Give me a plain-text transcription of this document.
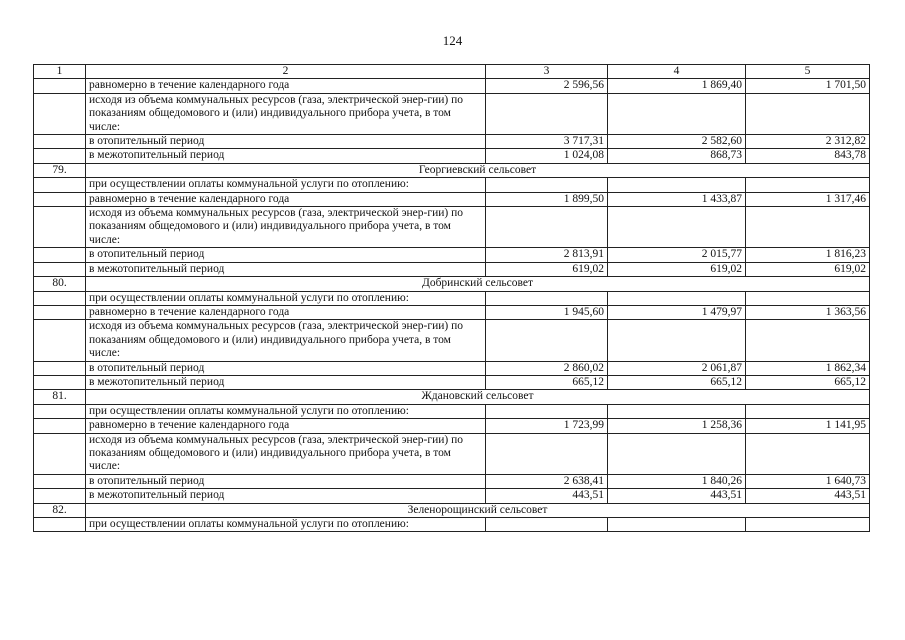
124
1	2	3	4	5
	равномерно в течение календарного года	2 596,56	1 869,40	1 701,50
	исходя из объема коммунальных ресурсов (газа, электрической энер-гии) по показаниям общедомового и (или) индивидуального прибора учета, в том числе:			
	в отопительный период	3 717,31	2 582,60	2 312,82
	в межотопительный период	1 024,08	868,73	843,78
79.	Георгиевский сельсовет			
	при осуществлении оплаты коммунальной услуги по отоплению:			
	равномерно в течение календарного года	1 899,50	1 433,87	1 317,46
	исходя из объема коммунальных ресурсов (газа, электрической энер-гии) по показаниям общедомового и (или) индивидуального прибора учета, в том числе:			
	в отопительный период	2 813,91	2 015,77	1 816,23
	в межотопительный период	619,02	619,02	619,02
80.	Добринский сельсовет			
	при осуществлении оплаты коммунальной услуги по отоплению:			
	равномерно в течение календарного года	1 945,60	1 479,97	1 363,56
	исходя из объема коммунальных ресурсов (газа, электрической энер-гии) по показаниям общедомового и (или) индивидуального прибора учета, в том числе:			
	в отопительный период	2 860,02	2 061,87	1 862,34
	в межотопительный период	665,12	665,12	665,12
81.	Ждановский сельсовет			
	при осуществлении оплаты коммунальной услуги по отоплению:			
	равномерно в течение календарного года	1 723,99	1 258,36	1 141,95
	исходя из объема коммунальных ресурсов (газа, электрической энер-гии) по показаниям общедомового и (или) индивидуального прибора учета, в том числе:			
	в отопительный период	2 638,41	1 840,26	1 640,73
	в межотопительный период	443,51	443,51	443,51
82.	Зеленорощинский сельсовет			
	при осуществлении оплаты коммунальной услуги по отоплению:			
